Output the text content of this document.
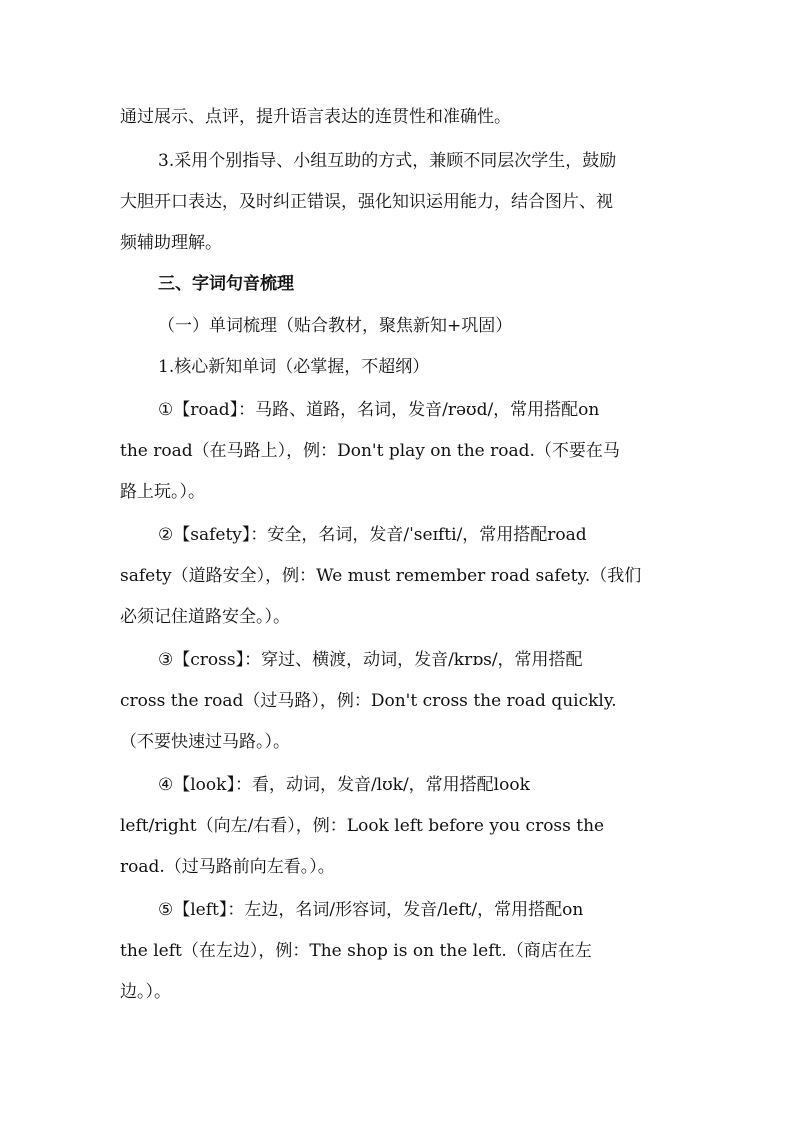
通过展示、点评，提升语言表达的连贯性和准确性。
3.采用个别指导、小组互助的方式，兼顾不同层次学生，鼓励
大胆开口表达，及时纠正错误，强化知识运用能力，结合图片、视
频辅助理解。
三、字词句音梳理
（一）单词梳理（贴合教材，聚焦新知+巩固）
1.核心新知单词（必掌握，不超纲）
①【road】：马路、道路，名词，发音/rəʊd/，常用搭配on
the road（在马路上），例：Don't play on the road.（不要在马
路上玩。）。
②【safety】：安全，名词，发音/ˈseɪfti/，常用搭配road
safety（道路安全），例：We must remember road safety.（我们
必须记住道路安全。）。
③【cross】：穿过、横渡，动词，发音/krɒs/，常用搭配
cross the road（过马路），例：Don't cross the road quickly.
（不要快速过马路。）。
④【look】：看，动词，发音/lʊk/，常用搭配look
left/right（向左/右看），例：Look left before you cross the
road.（过马路前向左看。）。
⑤【left】：左边，名词/形容词，发音/left/，常用搭配on
the left（在左边），例：The shop is on the left.（商店在左
边。）。
